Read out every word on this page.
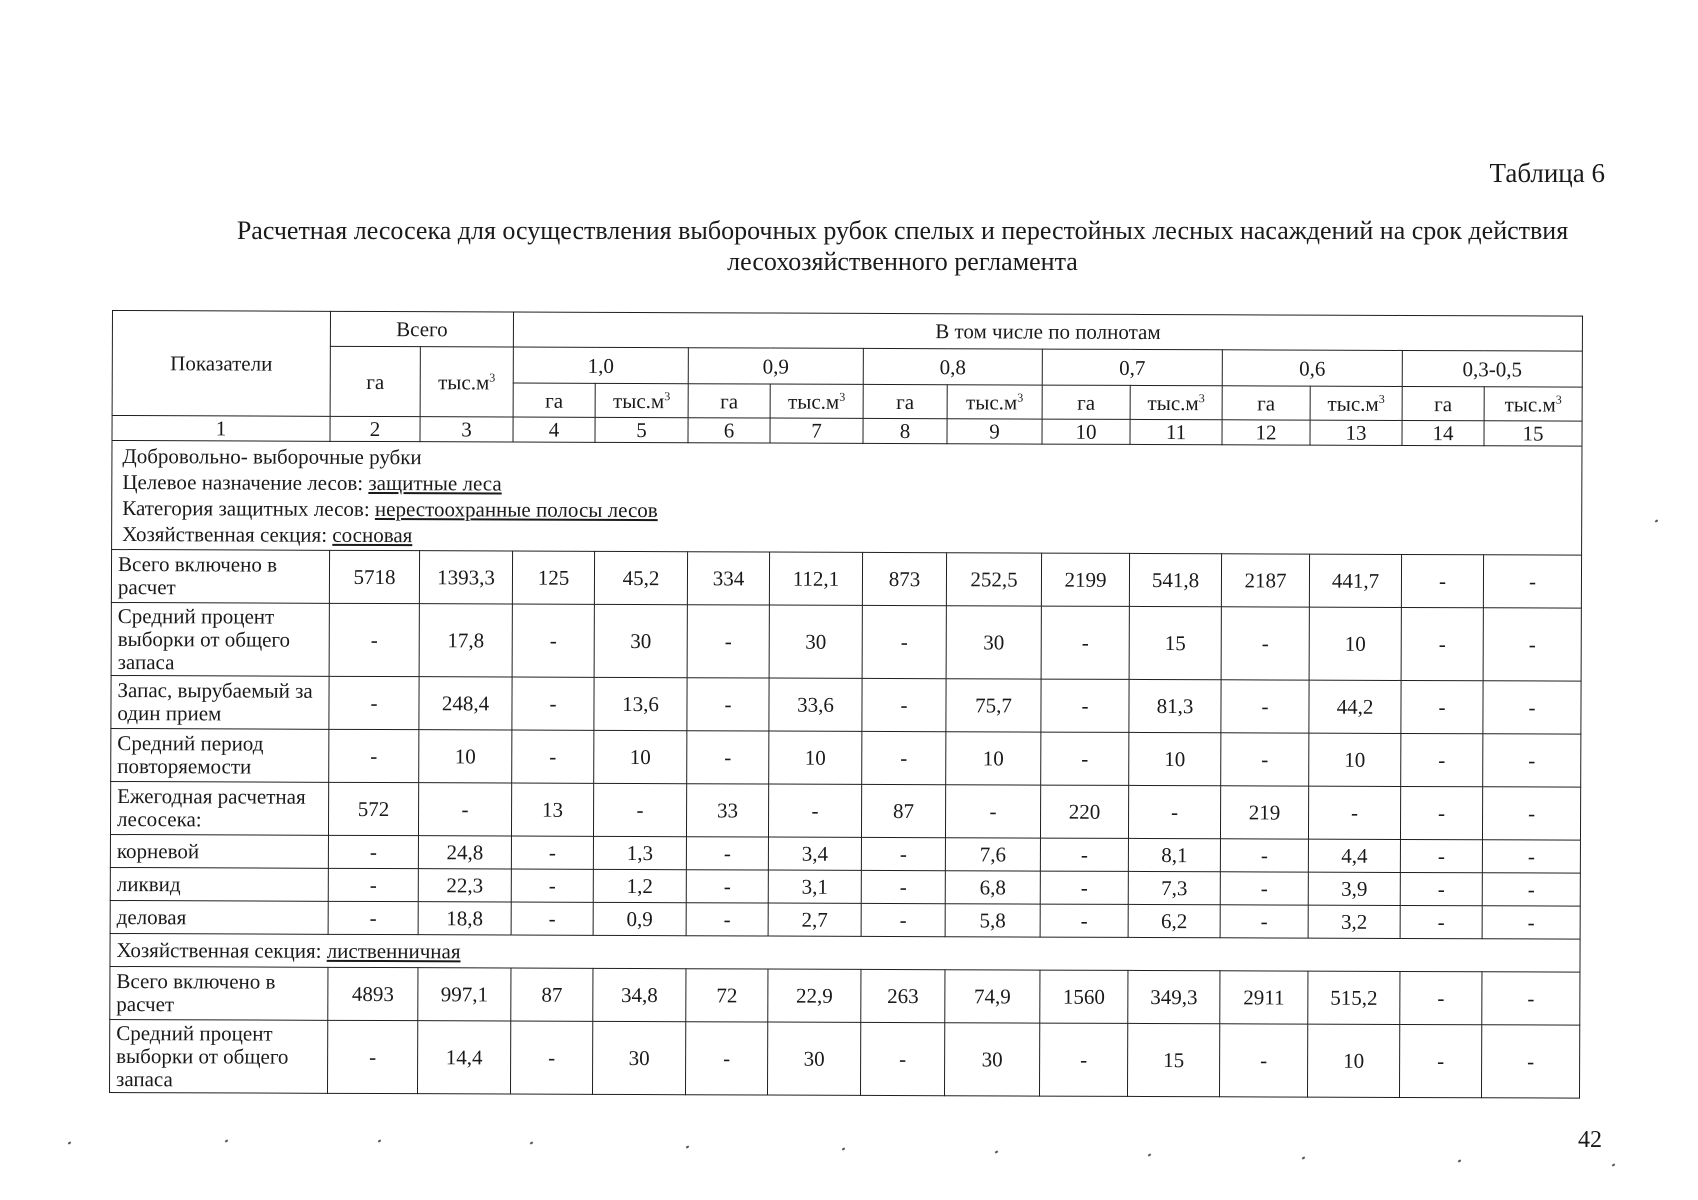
Таблица 6
Расчетная лесосека для осуществления выборочных рубок спелых и перестойных лесных насаждений на срок действия лесохозяйственного регламента
Показатели	Всего		В том числе по полнотам											
	га	$тыс.м^3$	1,0		0,9		0,8		0,7		0,6		0,3-0,5	
			га	$тыс.м^3$	га	$тыс.м^3$	га	$тыс.м^3$	га	$тыс.м^3$	га	$тыс.м^3$	га	$тыс.м^3$
1	2	3	4	5	6	7	8	9	10	11	12	13	14	15

Добровольно- выборочные рубки
Целевое назначение лесов: защитные леса
Категория защитных лесов: нерестоохранные полосы лесов
Хозяйственная секция: сосновая														

Всего включено в расчет	5718	1393,3	125	45,2	334	112,1	873	252,5	2199	541,8	2187	441,7	-	-
Средний процент выборки от общего запаса	-	17,8	-	30	-	30	-	30	-	15	-	10	-	-
Запас, вырубаемый за один прием	-	248,4	-	13,6	-	33,6	-	75,7	-	81,3	-	44,2	-	-
Средний период повторяемости	-	10	-	10	-	10	-	10	-	10	-	10	-	-
Ежегодная расчетная лесосека:	572	-	13	-	33	-	87	-	220	-	219	-	-	-
корневой	-	24,8	-	1,3	-	3,4	-	7,6	-	8,1	-	4,4	-	-
ликвид	-	22,3	-	1,2	-	3,1	-	6,8	-	7,3	-	3,9	-	-
деловая	-	18,8	-	0,9	-	2,7	-	5,8	-	6,2	-	3,2	-	-
Хозяйственная секция: лиственничная														
Всего включено в расчет	4893	997,1	87	34,8	72	22,9	263	74,9	1560	349,3	2911	515,2	-	-
Средний процент выборки от общего запаса	-	14,4	-	30	-	30	-	30	-	15	-	10	-	-
42
